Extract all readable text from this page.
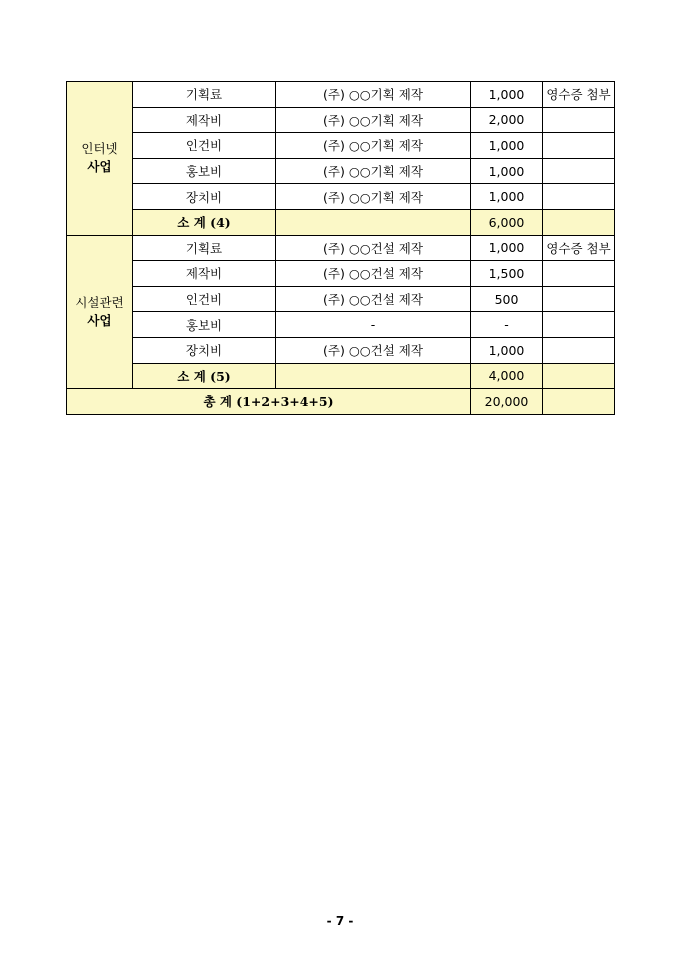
인터넷
사업	기획료	(주) ○○기획 제작	1,000	영수증 첨부
	제작비	(주) ○○기획 제작	2,000	
	인건비	(주) ○○기획 제작	1,000	
	홍보비	(주) ○○기획 제작	1,000	
	장치비	(주) ○○기획 제작	1,000	
	소 계 (4)		6,000	

시설관련
사업	기획료	(주) ○○건설 제작	1,000	영수증 첨부
	제작비	(주) ○○건설 제작	1,500	
	인건비	(주) ○○건설 제작	500	
	홍보비	-	-	
	장치비	(주) ○○건설 제작	1,000	
	소 계 (5)		4,000	
총 계 (1+2+3+4+5)			20,000	
- 7 -
